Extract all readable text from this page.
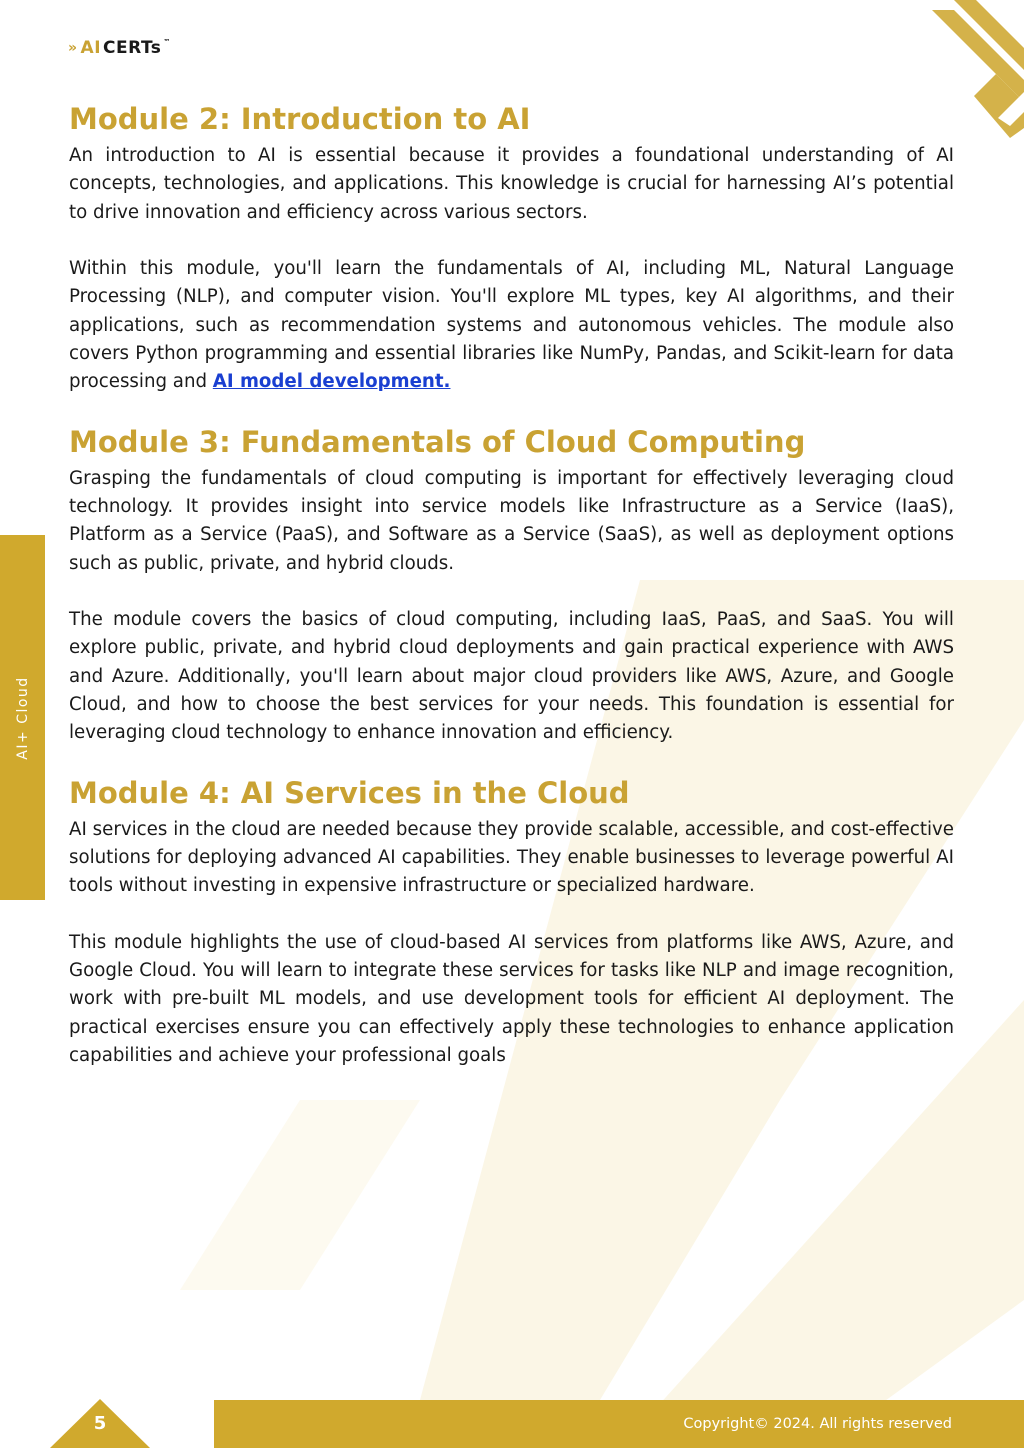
» AI CERTs ™
AI+ Cloud
Module 2: Introduction to AI

An introduction to AI is essential because it provides a foundational understanding of AI concepts, technologies, and applications. This knowledge is crucial for harnessing AI’s potential to drive innovation and efficiency across various sectors.

Within this module, you'll learn the fundamentals of AI, including ML, Natural Language Processing (NLP), and computer vision. You'll explore ML types, key AI algorithms, and their applications, such as recommendation systems and autonomous vehicles. The module also covers Python programming and essential libraries like NumPy, Pandas, and Scikit-learn for data processing and AI model development.

Module 3: Fundamentals of Cloud Computing

Grasping the fundamentals of cloud computing is important for effectively leveraging cloud technology. It provides insight into service models like Infrastructure as a Service (IaaS), Platform as a Service (PaaS), and Software as a Service (SaaS), as well as deployment options such as public, private, and hybrid clouds.

The module covers the basics of cloud computing, including IaaS, PaaS, and SaaS. You will explore public, private, and hybrid cloud deployments and gain practical experience with AWS and Azure. Additionally, you'll learn about major cloud providers like AWS, Azure, and Google Cloud, and how to choose the best services for your needs. This foundation is essential for leveraging cloud technology to enhance innovation and efficiency.

Module 4: AI Services in the Cloud

AI services in the cloud are needed because they provide scalable, accessible, and cost-effective solutions for deploying advanced AI capabilities. They enable businesses to leverage powerful AI tools without investing in expensive infrastructure or specialized hardware.

This module highlights the use of cloud-based AI services from platforms like AWS, Azure, and Google Cloud. You will learn to integrate these services for tasks like NLP and image recognition, work with pre-built ML models, and use development tools for efficient AI deployment. The practical exercises ensure you can effectively apply these technologies to enhance application capabilities and achieve your professional goals

5	Copyright© 2024. All rights reserved
